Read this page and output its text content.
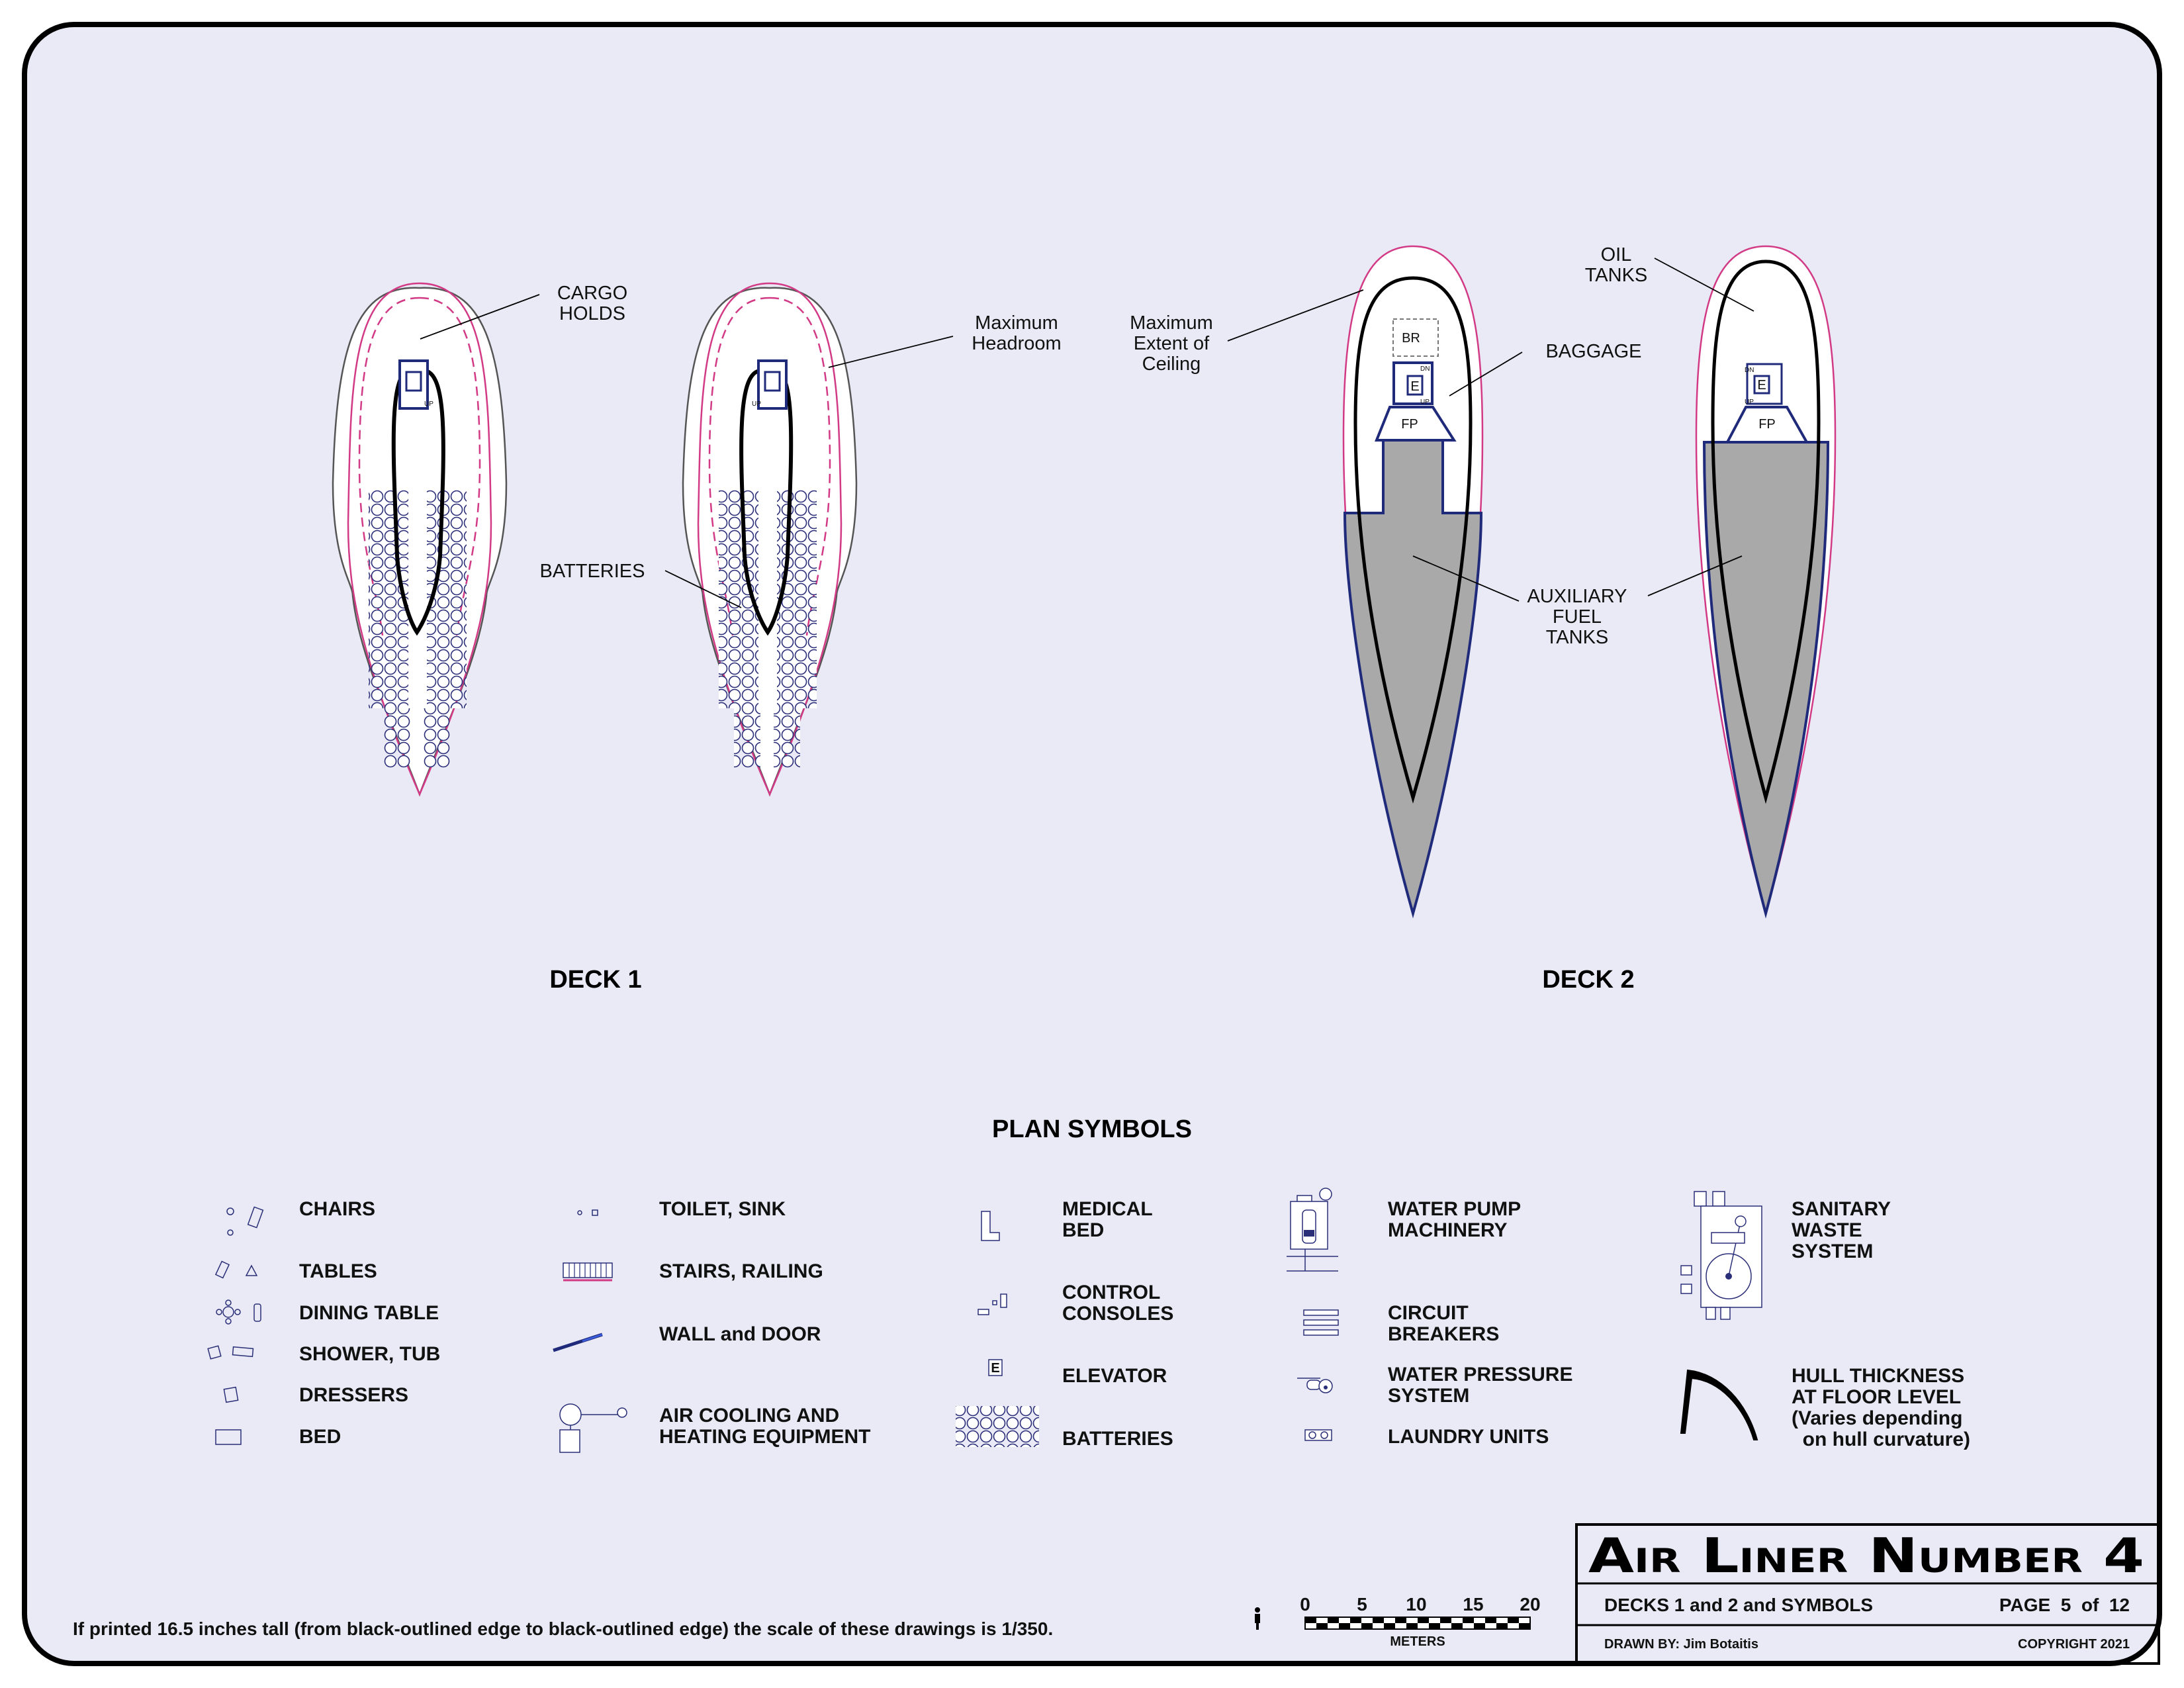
UP	UP
CARGO
HOLDS	Maximum
Headroom
BATTERIES
DECK 1
BR
E
DN
UP
FP
E
DN
UP
FP
Maximum
Extent of
Ceiling
OIL
TANKS
BAGGAGE
AUXILIARY
FUEL
TANKS
DECK 2
PLAN SYMBOLS
CHAIRS
TABLES
DINING TABLE
SHOWER, TUB
DRESSERS
BED
TOILET, SINK
STAIRS, RAILING
WALL and DOOR
AIR COOLING AND
HEATING EQUIPMENT
MEDICAL
BED
CONTROL
CONSOLES
E	ELEVATOR
BATTERIES
WATER PUMP
MACHINERY
CIRCUIT
BREAKERS
WATER PRESSURE
SYSTEM
LAUNDRY UNITS
SANITARY
WASTE
SYSTEM
HULL THICKNESS
AT FLOOR LEVEL
(Varies depending
on hull curvature)
If printed 16.5 inches tall (from black-outlined edge to black-outlined edge) the scale of these drawings is 1/350.
0	5 10 15 20
METERS
Air Liner Number 4
DECKS 1 and 2 and SYMBOLS	PAGE  5  of  12
DRAWN BY: Jim Botaitis	COPYRIGHT 2021
